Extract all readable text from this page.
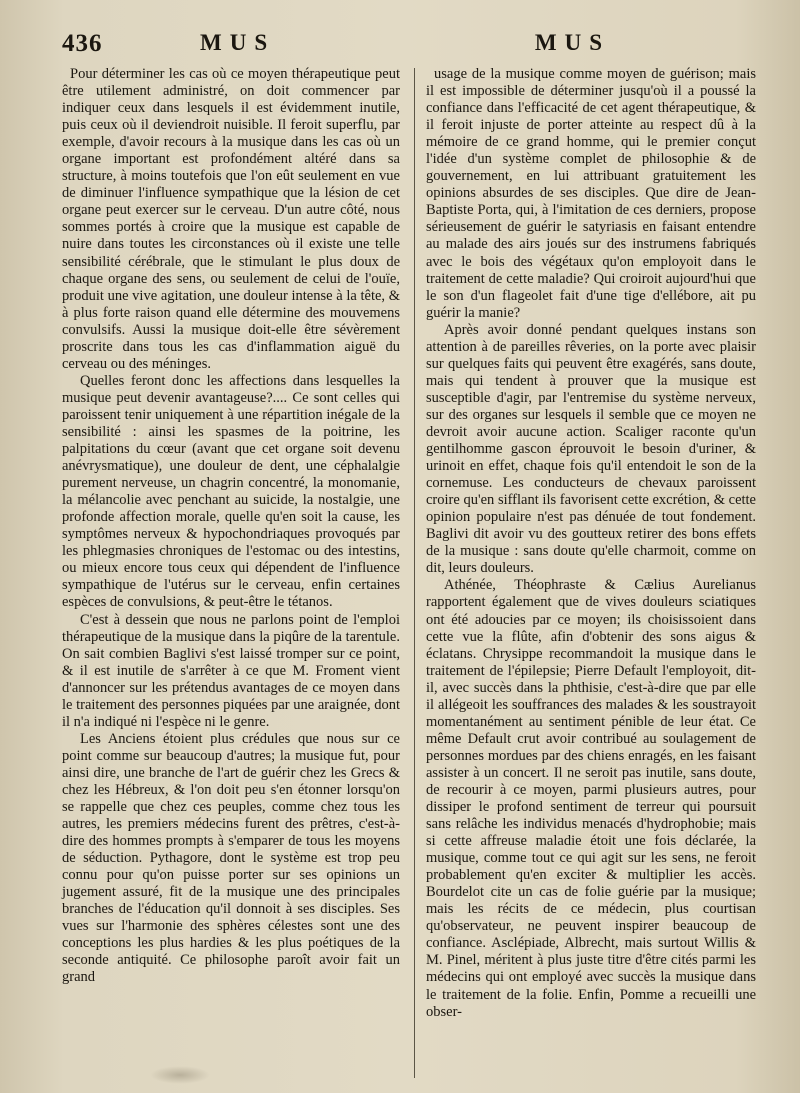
436	MUS	MUS

Pour déterminer les cas où ce moyen thérapeutique peut être utilement administré, on doit commencer par indiquer ceux dans lesquels il est évidemment inutile, puis ceux où il deviendroit nuisible. Il feroit superflu, par exemple, d'avoir recours à la musique dans les cas où un organe important est profondément altéré dans sa structure, à moins toutefois que l'on eût seulement en vue de diminuer l'influence sympathique que la lésion de cet organe peut exercer sur le cerveau. D'un autre côté, nous sommes portés à croire que la musique est capable de nuire dans toutes les circonstances où il existe une telle sensibilité cérébrale, que le stimulant le plus doux de chaque organe des sens, ou seulement de celui de l'ouïe, produit une vive agitation, une douleur intense à la tête, & à plus forte raison quand elle détermine des mouvemens convulsifs. Aussi la musique doit-elle être sévèrement proscrite dans tous les cas d'inflammation aiguë du cerveau ou des méninges.

Quelles feront donc les affections dans lesquelles la musique peut devenir avantageuse?.... Ce sont celles qui paroissent tenir uniquement à une répartition inégale de la sensibilité : ainsi les spasmes de la poitrine, les palpitations du cœur (avant que cet organe soit devenu anévrysmatique), une douleur de dent, une céphalalgie purement nerveuse, un chagrin concentré, la monomanie, la mélancolie avec penchant au suicide, la nostalgie, une profonde affection morale, quelle qu'en soit la cause, les symptômes nerveux & hypochondriaques provoqués par les phlegmasies chroniques de l'estomac ou des intestins, ou mieux encore tous ceux qui dépendent de l'influence sympathique de l'utérus sur le cerveau, enfin certaines espèces de convulsions, & peut-être le tétanos.

C'est à dessein que nous ne parlons point de l'emploi thérapeutique de la musique dans la piqûre de la tarentule. On sait combien Baglivi s'est laissé tromper sur ce point, & il est inutile de s'arrêter à ce que M. Froment vient d'annoncer sur les prétendus avantages de ce moyen dans le traitement des personnes piquées par une araignée, dont il n'a indiqué ni l'espèce ni le genre.

Les Anciens étoient plus crédules que nous sur ce point comme sur beaucoup d'autres; la musique fut, pour ainsi dire, une branche de l'art de guérir chez les Grecs & chez les Hébreux, & l'on doit peu s'en étonner lorsqu'on se rappelle que chez ces peuples, comme chez tous les autres, les premiers médecins furent des prêtres, c'est-à-dire des hommes prompts à s'emparer de tous les moyens de séduction. Pythagore, dont le système est trop peu connu pour qu'on puisse porter sur ses opinions un jugement assuré, fit de la musique une des principales branches de l'éducation qu'il donnoit à ses disciples. Ses vues sur l'harmonie des sphères célestes sont une des conceptions les plus hardies & les plus poétiques de la seconde antiquité. Ce philosophe paroît avoir fait un grand

usage de la musique comme moyen de guérison; mais il est impossible de déterminer jusqu'où il a poussé la confiance dans l'efficacité de cet agent thérapeutique, & il feroit injuste de porter atteinte au respect dû à la mémoire de ce grand homme, qui le premier conçut l'idée d'un système complet de philosophie & de gouvernement, en lui attribuant gratuitement les opinions absurdes de ses disciples. Que dire de Jean-Baptiste Porta, qui, à l'imitation de ces derniers, propose sérieusement de guérir le satyriasis en faisant entendre au malade des airs joués sur des instrumens fabriqués avec le bois des végétaux qu'on employoit dans le traitement de cette maladie? Qui croiroit aujourd'hui que le son d'un flageolet fait d'une tige d'ellébore, ait pu guérir la manie?

Après avoir donné pendant quelques instans son attention à de pareilles rêveries, on la porte avec plaisir sur quelques faits qui peuvent être exagérés, sans doute, mais qui tendent à prouver que la musique est susceptible d'agir, par l'entremise du système nerveux, sur des organes sur lesquels il semble que ce moyen ne devroit avoir aucune action. Scaliger raconte qu'un gentilhomme gascon éprouvoit le besoin d'uriner, & urinoit en effet, chaque fois qu'il entendoit le son de la cornemuse. Les conducteurs de chevaux paroissent croire qu'en sifflant ils favorisent cette excrétion, & cette opinion populaire n'est pas dénuée de tout fondement. Baglivi dit avoir vu des goutteux retirer des bons effets de la musique : sans doute qu'elle charmoit, comme on dit, leurs douleurs.

Athénée, Théophraste & Cælius Aurelianus rapportent également que de vives douleurs sciatiques ont été adoucies par ce moyen; ils choisissoient dans cette vue la flûte, afin d'obtenir des sons aigus & éclatans. Chrysippe recommandoit la musique dans le traitement de l'épilepsie; Pierre Default l'employoit, dit-il, avec succès dans la phthisie, c'est-à-dire que par elle il allégeoit les souffrances des malades & les soustrayoit momentanément au sentiment pénible de leur état. Ce même Default crut avoir contribué au soulagement de personnes mordues par des chiens enragés, en les faisant assister à un concert. Il ne seroit pas inutile, sans doute, de recourir à ce moyen, parmi plusieurs autres, pour dissiper le profond sentiment de terreur qui poursuit sans relâche les individus menacés d'hydrophobie; mais si cette affreuse maladie étoit une fois déclarée, la musique, comme tout ce qui agit sur les sens, ne feroit probablement qu'en exciter & multiplier les accès. Bourdelot cite un cas de folie guérie par la musique; mais les récits de ce médecin, plus courtisan qu'observateur, ne peuvent inspirer beaucoup de confiance. Asclépiade, Albrecht, mais surtout Willis & M. Pinel, méritent à plus juste titre d'être cités parmi les médecins qui ont employé avec succès la musique dans le traitement de la folie. Enfin, Pomme a recueilli une obser-
